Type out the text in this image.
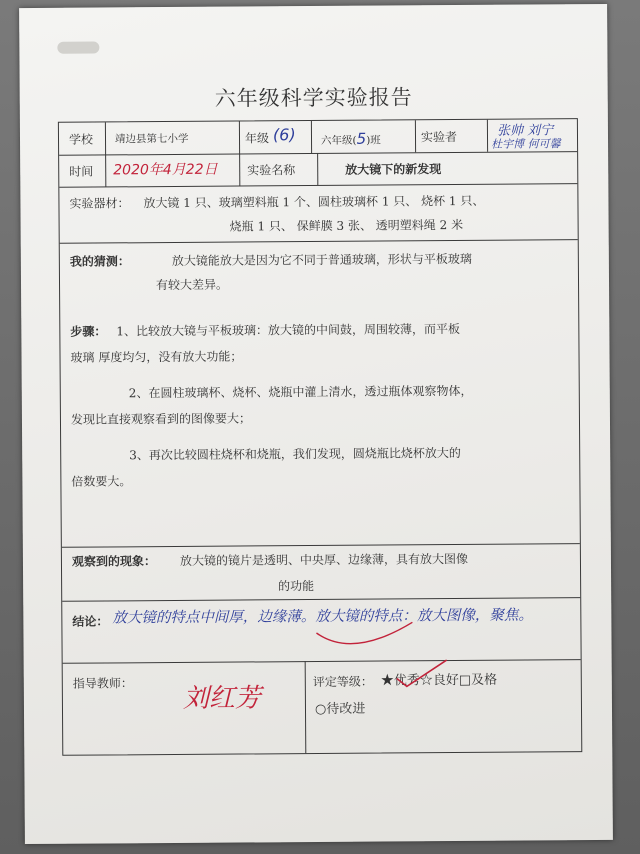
六年级科学实验报告
学校 靖边县第七小学	年级 (6) 六年级(5)班	实验者	张帅 刘宁
杜宇博 何可馨
时间 2020年4月22日 实验名称	放大镜下的新发现
实验器材： 放大镜 1 只、玻璃塑料瓶 1 个、圆柱玻璃杯 1 只、 烧杯 1 只、
烧瓶 1 只、 保鲜膜 3 张、 透明塑料绳 2 米
我的猜测：	放大镜能放大是因为它不同于普通玻璃，形状与平板玻璃
有较大差异。
步骤： 1、比较放大镜与平板玻璃：放大镜的中间鼓，周围较薄，而平板
玻璃 厚度均匀，没有放大功能；
2、在圆柱玻璃杯、烧杯、烧瓶中灌上清水，透过瓶体观察物体，
发现比直接观察看到的图像要大；
3、再次比较圆柱烧杯和烧瓶，我们发现，圆烧瓶比烧杯放大的
倍数要大。
观察到的现象： 放大镜的镜片是透明、中央厚、边缘薄，具有放大图像
的功能
结论： 放大镜的特点中间厚，边缘薄。放大镜的特点：放大图像，聚焦。
指导教师： 刘红芳
评定等级： ★优秀☆良好□及格
○待改进
